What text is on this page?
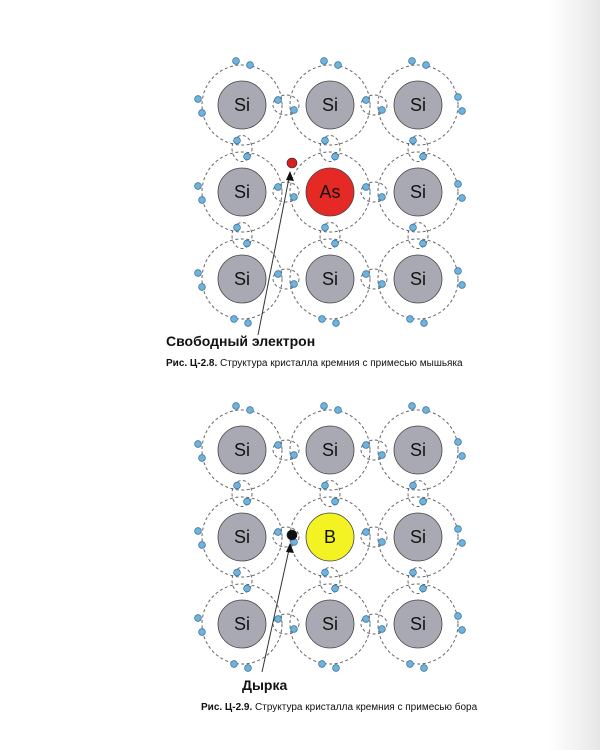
Si	Si	Si
Si	As	Si
Si	Si	Si
Свободный электрон
Рис. Ц-2.8. Структура кристалла кремния с примесью мышьяка
Si	Si	Si
Si	B	Si
Si	Si	Si
Дырка
Рис. Ц-2.9. Структура кристалла кремния с примесью бора
